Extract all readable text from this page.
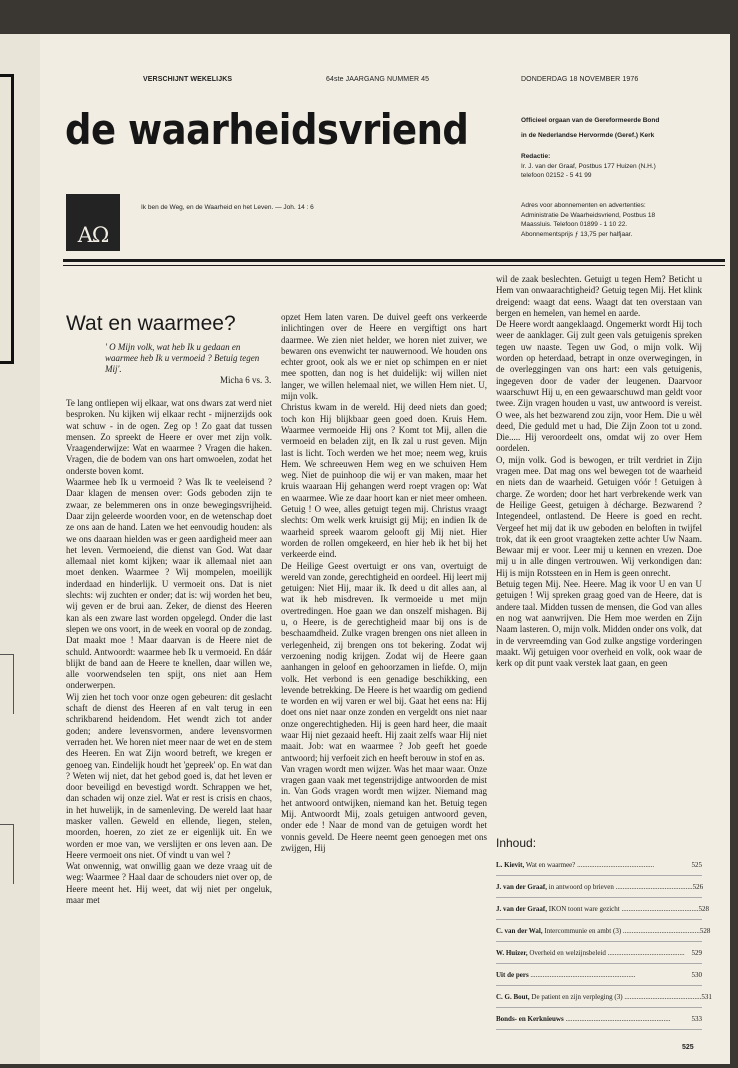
VERSCHIJNT WEKELIJKS	64ste JAARGANG NUMMER 45	DONDERDAG 18 NOVEMBER 1976
de waarheidsvriend
AΩ
Ik ben de Weg, en de Waarheid en het Leven. — Joh. 14 : 6
Officieel orgaan van de Gereformeerde Bond
in de Nederlandse Hervormde (Geref.) Kerk
Redactie:
Ir. J. van der Graaf, Postbus 177 Huizen (N.H.)
telefoon 02152 - 5 41 99
Adres voor abonnementen en advertenties:
Administratie De Waarheidsvriend, Postbus 18
Maassluis. Telefoon 01899 - 1 10 22.
Abonnementsprijs ƒ 13,75 per halfjaar.
Wat en waarmee?
' O Mijn volk, wat heb Ik u gedaan en waarmee heb Ik u vermoeid ? Betuig tegen Mij'.
Micha 6 vs. 3.

Te lang ontliepen wij elkaar, wat ons dwars zat werd niet besproken. Nu kijken wij elkaar recht - mijnerzijds ook wat schuw - in de ogen. Zeg op ! Zo gaat dat tussen mensen. Zo spreekt de Heere er over met zijn volk. Vraagenderwijze: Wat en waarmee ? Vragen die haken. Vragen, die de bodem van ons hart omwoelen, zodat het onderste boven komt.

Waarmee heb Ik u vermoeid ? Was Ik te veeleisend ? Daar klagen de mensen over: Gods geboden zijn te zwaar, ze belemmeren ons in onze bewegingsvrijheid. Daar zijn geleerde woorden voor, en de wetenschap doet ze ons aan de hand. Laten we het eenvoudig houden: als we ons daaraan hielden was er geen aardigheid meer aan het leven. Vermoeiend, die dienst van God. Wat daar allemaal niet komt kijken; waar ik allemaal niet aan moet denken. Waarmee ? Wij mompelen, moeilijk inderdaad en hinderlijk. U vermoeit ons. Dat is niet slechts: wij zuchten er onder; dat is: wij worden het beu, wij geven er de brui aan. Zeker, de dienst des Heeren kan als een zware last worden opgelegd. Onder die last slepen we ons voort, in de week en vooral op de zondag. Dat maakt moe ! Maar daarvan is de Heere niet de schuld. Antwoordt: waarmee heb Ik u vermoeid. En dáár blijkt de band aan de Heere te knellen, daar willen we, alle voorwendselen ten spijt, ons niet aan Hem onderwerpen.

Wij zien het toch voor onze ogen gebeuren: dit geslacht schaft de dienst des Heeren af en valt terug in een schrikbarend heidendom. Het wendt zich tot ander goden; andere levensvormen, andere levensvormen verraden het. We horen niet meer naar de wet en de stem des Heeren. En wat Zijn woord betreft, we kregen er genoeg van. Eindelijk houdt het 'gepreek' op. En wat dan ? Weten wij niet, dat het gebod goed is, dat het leven er door beveiligd en bevestigd wordt. Schrappen we het, dan schaden wij onze ziel. Wat er rest is crisis en chaos, in het huwelijk, in de samenleving. De wereld laat haar masker vallen. Geweld en ellende, liegen, stelen, moorden, hoeren, zo ziet ze er eigenlijk uit. En we worden er moe van, we verslijten er ons leven aan. De Heere vermoeit ons niet. Of vindt u van wel ?

Wat onwennig, wat onwillig gaan we deze vraag uit de weg: Waarmee ? Haal daar de schouders niet over op, de Heere meent het. Hij weet, dat wij niet per ongeluk, maar met

opzet Hem laten varen. De duivel geeft ons verkeerde inlichtingen over de Heere en vergiftigt ons hart daarmee. We zien niet helder, we horen niet zuiver, we bewaren ons evenwicht ter nauwernood. We houden ons echter groot, ook als we er niet op schimpen en er niet mee spotten, dan nog is het duidelijk: wij willen niet langer, we willen helemaal niet, we willen Hem niet. U, mijn volk.

Christus kwam in de wereld. Hij deed niets dan goed; toch kon Hij blijkbaar geen goed doen. Kruis Hem. Waarmee vermoeide Hij ons ? Komt tot Mij, allen die vermoeid en beladen zijt, en Ik zal u rust geven. Mijn last is licht. Toch werden we het moe; neem weg, kruis Hem. We schreeuwen Hem weg en we schuiven Hem weg. Niet de puinhoop die wij er van maken, maar het kruis waaraan Hij gehangen werd roept vragen op: Wat en waarmee. Wie ze daar hoort kan er niet meer omheen. Getuig ! O wee, alles getuigt tegen mij. Christus vraagt slechts: Om welk werk kruisigt gij Mij; en indien Ik de waarheid spreek waarom gelooft gij Mij niet. Hier worden de rollen omgekeerd, en hier heb ik het bij het verkeerde eind.

De Heilige Geest overtuigt er ons van, overtuigt de wereld van zonde, gerechtigheid en oordeel. Hij leert mij getuigen: Niet Hij, maar ik. Ik deed u dit alles aan, al wat ik heb misdreven. Ik vermoeide u met mijn overtredingen. Hoe gaan we dan onszelf mishagen. Bij u, o Heere, is de gerechtigheid maar bij ons is de beschaamdheid. Zulke vragen brengen ons niet alleen in verlegenheid, zij brengen ons tot bekering. Zodat wij verzoening nodig krijgen. Zodat wij de Heere gaan aanhangen in geloof en gehoorzamen in liefde. O, mijn volk. Het verbond is een genadige beschikking, een levende betrekking. De Heere is het waardig om gediend te worden en wij varen er wel bij. Gaat het eens na: Hij doet ons niet naar onze zonden en vergeldt ons niet naar onze ongerechtigheden. Hij is geen hard heer, die maait waar Hij niet gezaaid heeft. Hij zaait zelfs waar Hij niet maait. Job: wat en waarmee ? Job geeft het goede antwoord; hij verfoeit zich en heeft berouw in stof en as.

Van vragen wordt men wijzer. Was het maar waar. Onze vragen gaan vaak met tegenstrijdige antwoorden de mist in. Van Gods vragen wordt men wijzer. Niemand mag het antwoord ontwijken, niemand kan het. Betuig tegen Mij. Antwoordt Mij, zoals getuigen antwoord geven, onder ede ! Naar de mond van de getuigen wordt het vonnis geveld. De Heere neemt geen genoegen met ons zwijgen, Hij

wil de zaak beslechten. Getuigt u tegen Hem? Beticht u Hem van onwaarachtigheid? Getuig tegen Mij. Het klink dreigend: waagt dat eens. Waagt dat ten overstaan van bergen en hemelen, van hemel en aarde.

De Heere wordt aangeklaagd. Ongemerkt wordt Hij toch weer de aanklager. Gij zult geen vals getuigenis spreken tegen uw naaste. Tegen uw God, o mijn volk. Wij worden op heterdaad, betrapt in onze overwegingen, in de overleggingen van ons hart: een vals getuigenis, ingegeven door de vader der leugenen. Daarvoor waarschuwt Hij u, en een gewaarschuwd man geldt voor twee. Zijn vragen houden u vast, uw antwoord is vereist. O wee, als het bezwarend zou zijn, voor Hem. Die u wèl deed, Die geduld met u had, Die Zijn Zoon tot u zond. Die..... Hij veroordeelt ons, omdat wij zo over Hem oordelen.

O, mijn volk. God is bewogen, er trilt verdriet in Zijn vragen mee. Dat mag ons wel bewegen tot de waarheid en niets dan de waarheid. Getuigen vóór ! Getuigen à charge. Ze worden; door het hart verbrekende werk van de Heilige Geest, getuigen à décharge. Bezwarend ? Integendeel, ontlastend. De Heere is goed en recht. Vergeef het mij dat ik uw geboden en beloften in twijfel trok, dat ik een groot vraagteken zette achter Uw Naam. Bewaar mij er voor. Leer mij u kennen en vrezen. Doe mij u in alle dingen vertrouwen. Wij verkondigen dan: Hij is mijn Rotssteen en in Hem is geen onrecht.

Betuig tegen Mij. Nee. Heere. Mag ik voor U en van U getuigen ! Wij spreken graag goed van de Heere, dat is andere taal. Midden tussen de mensen, die God van alles en nog wat aanwrijven. Die Hem moe werden en Zijn Naam lasteren. O, mijn volk. Midden onder ons volk, dat in de vervreemding van God zulke angstige vorderingen maakt. Wij getuigen voor overheid en volk, ook waar de kerk op dit punt vaak verstek laat gaan, en geen

Inhoud:
L. Kievit, Wat en waarmee? ............................................	525
J. van der Graaf, in antwoord op brieven ............................................ 526
J. van der Graaf, IKON toont ware gezicht ............................................ 528
C. van der Wal, Intercommunie en ambt (3) ............................................ 528
W. Huizer, Overheid en welzijnsbeleid ............................................ 529
Uit de pers ............................................................	530
C. G. Bout, De patient en zijn verpleging (3) ............................................ 531
Bonds- en Kerknieuws ............................................................	533
525
